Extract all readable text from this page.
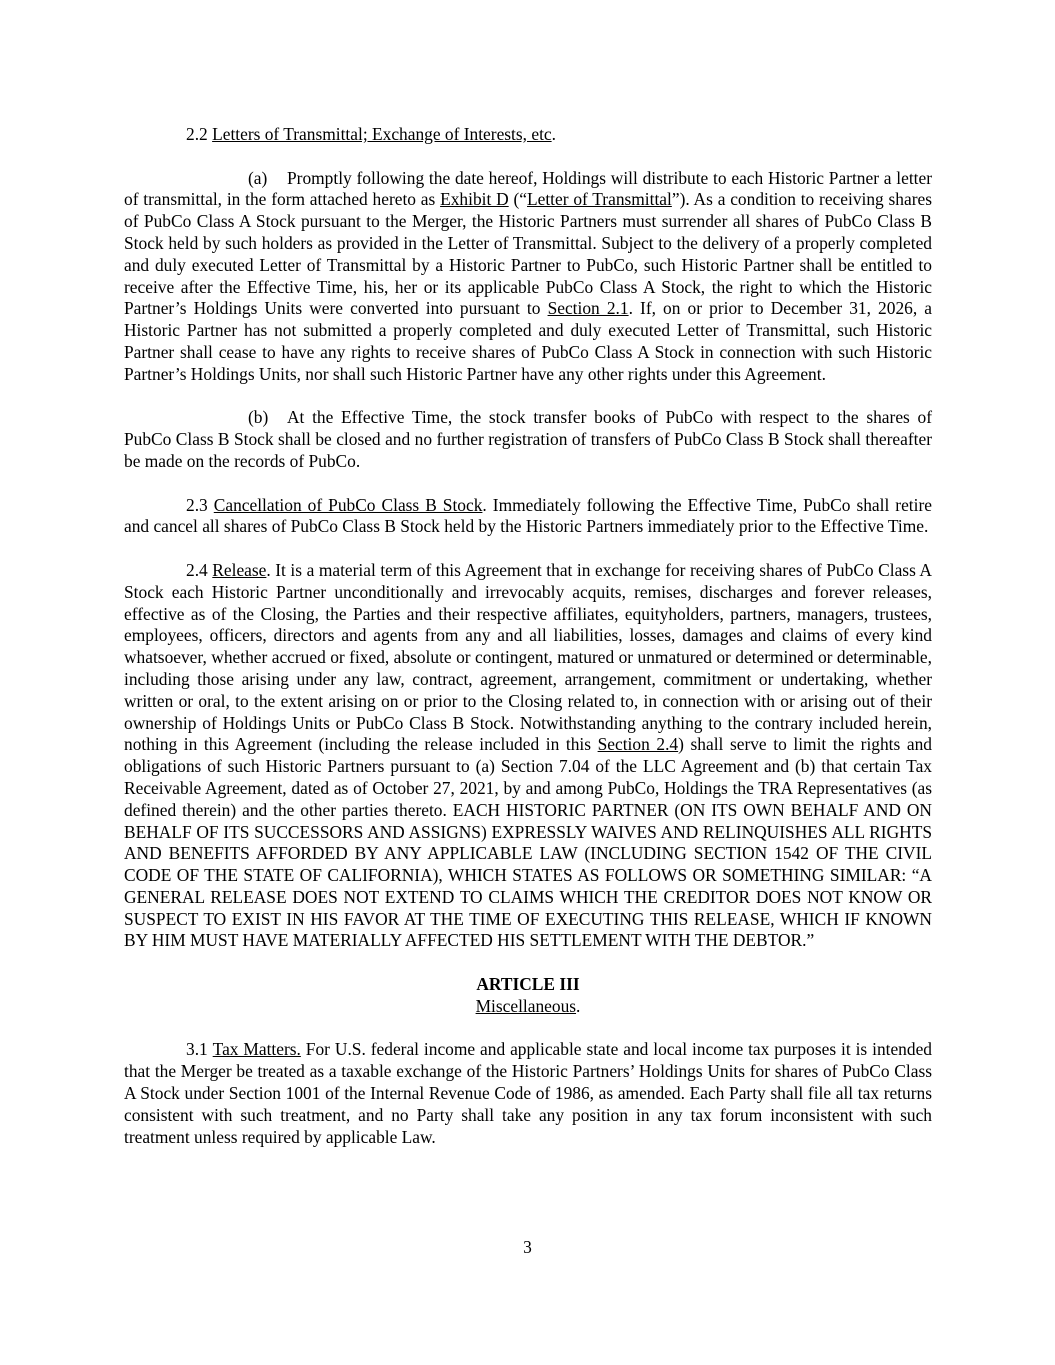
2.2 Letters of Transmittal; Exchange of Interests, etc.

(a) Promptly following the date hereof, Holdings will distribute to each Historic Partner a letter of transmittal, in the form attached hereto as Exhibit D (“Letter of Transmittal”). As a condition to receiving shares of PubCo Class A Stock pursuant to the Merger, the Historic Partners must surrender all shares of PubCo Class B Stock held by such holders as provided in the Letter of Transmittal. Subject to the delivery of a properly completed and duly executed Letter of Transmittal by a Historic Partner to PubCo, such Historic Partner shall be entitled to receive after the Effective Time, his, her or its applicable PubCo Class A Stock, the right to which the Historic Partner’s Holdings Units were converted into pursuant to Section 2.1. If, on or prior to December 31, 2026, a Historic Partner has not submitted a properly completed and duly executed Letter of Transmittal, such Historic Partner shall cease to have any rights to receive shares of PubCo Class A Stock in connection with such Historic Partner’s Holdings Units, nor shall such Historic Partner have any other rights under this Agreement.

(b) At the Effective Time, the stock transfer books of PubCo with respect to the shares of PubCo Class B Stock shall be closed and no further registration of transfers of PubCo Class B Stock shall thereafter be made on the records of PubCo.

2.3 Cancellation of PubCo Class B Stock. Immediately following the Effective Time, PubCo shall retire and cancel all shares of PubCo Class B Stock held by the Historic Partners immediately prior to the Effective Time.

2.4 Release. It is a material term of this Agreement that in exchange for receiving shares of PubCo Class A Stock each Historic Partner unconditionally and irrevocably acquits, remises, discharges and forever releases, effective as of the Closing, the Parties and their respective affiliates, equityholders, partners, managers, trustees, employees, officers, directors and agents from any and all liabilities, losses, damages and claims of every kind whatsoever, whether accrued or fixed, absolute or contingent, matured or unmatured or determined or determinable, including those arising under any law, contract, agreement, arrangement, commitment or undertaking, whether written or oral, to the extent arising on or prior to the Closing related to, in connection with or arising out of their ownership of Holdings Units or PubCo Class B Stock. Notwithstanding anything to the contrary included herein, nothing in this Agreement (including the release included in this Section 2.4) shall serve to limit the rights and obligations of such Historic Partners pursuant to (a) Section 7.04 of the LLC Agreement and (b) that certain Tax Receivable Agreement, dated as of October 27, 2021, by and among PubCo, Holdings the TRA Representatives (as defined therein) and the other parties thereto. EACH HISTORIC PARTNER (ON ITS OWN BEHALF AND ON BEHALF OF ITS SUCCESSORS AND ASSIGNS) EXPRESSLY WAIVES AND RELINQUISHES ALL RIGHTS AND BENEFITS AFFORDED BY ANY APPLICABLE LAW (INCLUDING SECTION 1542 OF THE CIVIL CODE OF THE STATE OF CALIFORNIA), WHICH STATES AS FOLLOWS OR SOMETHING SIMILAR: “A GENERAL RELEASE DOES NOT EXTEND TO CLAIMS WHICH THE CREDITOR DOES NOT KNOW OR SUSPECT TO EXIST IN HIS FAVOR AT THE TIME OF EXECUTING THIS RELEASE, WHICH IF KNOWN BY HIM MUST HAVE MATERIALLY AFFECTED HIS SETTLEMENT WITH THE DEBTOR.”

ARTICLE III

Miscellaneous.

3.1 Tax Matters. For U.S. federal income and applicable state and local income tax purposes it is intended that the Merger be treated as a taxable exchange of the Historic Partners’ Holdings Units for shares of PubCo Class A Stock under Section 1001 of the Internal Revenue Code of 1986, as amended. Each Party shall file all tax returns consistent with such treatment, and no Party shall take any position in any tax forum inconsistent with such treatment unless required by applicable Law.

3
